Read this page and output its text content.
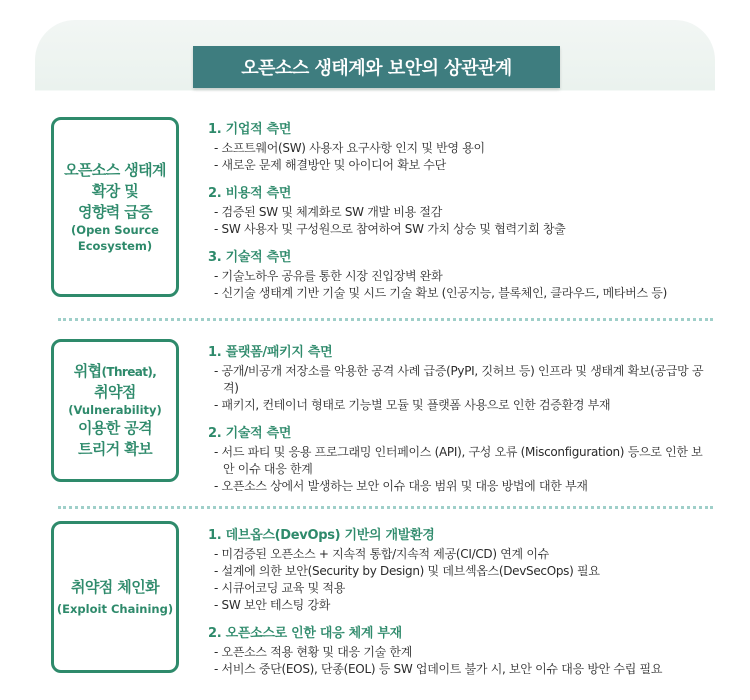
오픈소스 생태계와 보안의 상관관계
오픈소스 생태계
확장 및
영향력 급증
(Open Source
Ecosystem)
위협(Threat),
취약점
(Vulnerability)
이용한 공격
트리거 확보
취약점 체인화
(Exploit Chaining)
1. 기업적 측면
- 소프트웨어(SW) 사용자 요구사항 인지 및 반영 용이
- 새로운 문제 해결방안 및 아이디어 확보 수단
2. 비용적 측면
- 검증된 SW 및 체계화로 SW 개발 비용 절감
- SW 사용자 및 구성원으로 참여하여 SW 가치 상승 및 협력기회 창출
3. 기술적 측면
- 기술노하우 공유를 통한 시장 진입장벽 완화
- 신기술 생태계 기반 기술 및 시드 기술 확보 (인공지능, 블록체인, 클라우드, 메타버스 등)
1. 플랫폼/패키지 측면
- 공개/비공개 저장소를 악용한 공격 사례 급증(PyPI, 깃허브 등) 인프라 및 생태계 확보(공급망 공격)
- 패키지, 컨테이너 형태로 기능별 모듈 및 플랫폼 사용으로 인한 검증환경 부재
2. 기술적 측면
- 서드 파티 및 응용 프로그래밍 인터페이스 (API), 구성 오류 (Misconfiguration) 등으로 인한 보안 이슈 대응 한계
- 오픈소스 상에서 발생하는 보안 이슈 대응 범위 및 대응 방법에 대한 부재
1. 데브옵스(DevOps) 기반의 개발환경
- 미검증된 오픈소스 + 지속적 통합/지속적 제공(CI/CD) 연계 이슈
- 설계에 의한 보안(Security by Design) 및 데브섹옵스(DevSecOps) 필요
- 시큐어코딩 교육 및 적용
- SW 보안 테스팅 강화
2. 오픈소스로 인한 대응 체계 부재
- 오픈소스 적용 현황 및 대응 기술 한계
- 서비스 중단(EOS), 단종(EOL) 등 SW 업데이트 불가 시, 보안 이슈 대응 방안 수립 필요
